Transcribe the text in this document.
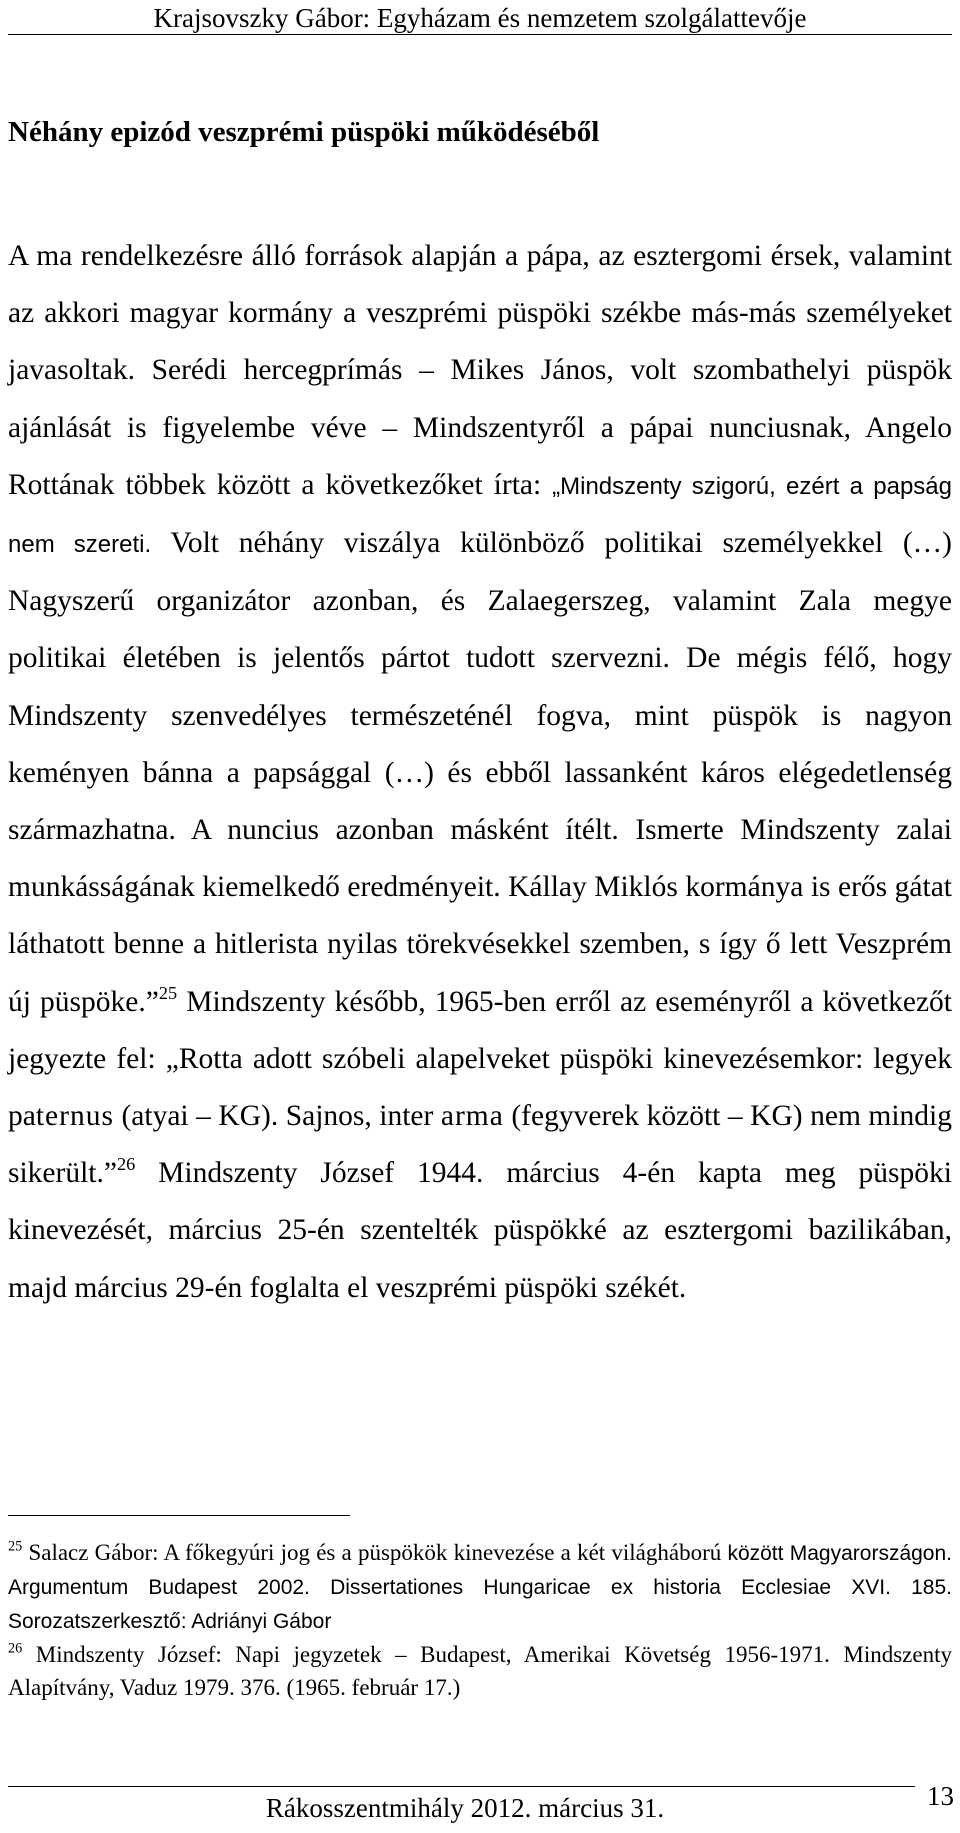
Krajsovszky Gábor: Egyházam és nemzetem szolgálattevője
Néhány epizód veszprémi püspöki működéséből

A ma rendelkezésre álló források alapján a pápa, az esztergomi érsek, valamint az akkori magyar kormány a veszprémi püspöki székbe más-más személyeket javasoltak. Serédi hercegprímás – Mikes János, volt szombathelyi püspök ajánlását is figyelembe véve – Mindszentyről a pápai nunciusnak, Angelo Rottának többek között a következőket írta: „Mindszenty szigorú, ezért a papság nem szereti. Volt néhány viszálya különböző politikai személyekkel (…) Nagyszerű organizátor azonban, és Zalaegerszeg, valamint Zala megye politikai életében is jelentős pártot tudott szervezni. De mégis félő, hogy Mindszenty szenvedélyes természeténél fogva, mint püspök is nagyon keményen bánna a papsággal (…) és ebből lassanként káros elégedetlenség származhatna. A nuncius azonban másként ítélt. Ismerte Mindszenty zalai munkásságának kiemelkedő eredményeit. Kállay Miklós kormánya is erős gátat láthatott benne a hitlerista nyilas törekvésekkel szemben, s így ő lett Veszprém új püspöke.”$^{25}$ Mindszenty később, 1965-ben erről az eseményről a következőt jegyezte fel: „Rotta adott szóbeli alapelveket püspöki kinevezésemkor: legyek paternus (atyai – KG). Sajnos, inter arma (fegyverek között – KG) nem mindig sikerült.”$^{26}$ Mindszenty József 1944. március 4-én kapta meg püspöki kinevezését, március 25-én szentelték püspökké az esztergomi bazilikában, majd március 29-én foglalta el veszprémi püspöki székét.

$^{25}$ Salacz Gábor: A főkegyúri jog és a püspökök kinevezése a két világháború között Magyarországon. Argumentum Budapest 2002. Dissertationes Hungaricae ex historia Ecclesiae XVI. 185. Sorozatszerkesztő: Adriányi Gábor

$^{26}$ Mindszenty József: Napi jegyzetek – Budapest, Amerikai Követség 1956-1971. Mindszenty Alapítvány, Vaduz 1979. 376. (1965. február 17.)

Rákosszentmihály 2012. március 31.	13
